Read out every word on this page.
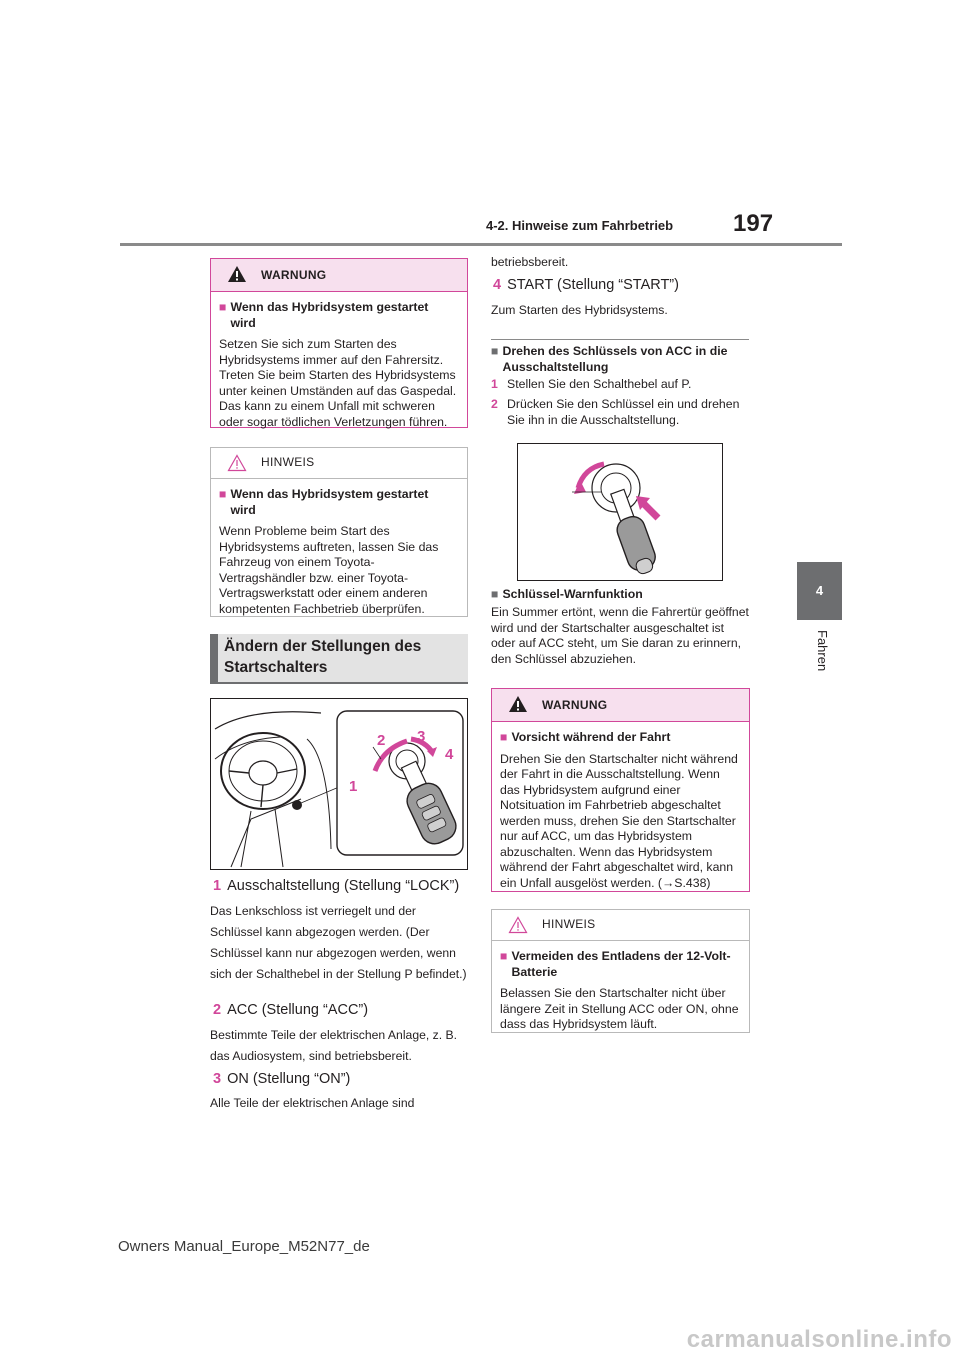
4-2. Hinweise zum Fahrbetrieb 197
4
Fahren
WARNUNG
■ Wenn das Hybridsystem gestartet wird
Setzen Sie sich zum Starten des Hybridsystems immer auf den Fahrersitz. Treten Sie beim Starten des Hybridsystems unter keinen Umständen auf das Gaspedal. Das kann zu einem Unfall mit schweren oder sogar tödlichen Verletzungen führen.
HINWEIS
■ Wenn das Hybridsystem gestartet wird
Wenn Probleme beim Start des Hybridsystems auftreten, lassen Sie das Fahrzeug von einem Toyota-Vertragshändler bzw. einer Toyota-Vertragswerkstatt oder einem anderen kompetenten Fachbetrieb überprüfen.
Ändern der Stellungen des Startschalters
1
2 3
4
1 Ausschaltstellung (Stellung “LOCK”)
Das Lenkschloss ist verriegelt und der Schlüssel kann abgezogen werden. (Der Schlüssel kann nur abgezogen werden, wenn sich der Schalthebel in der Stellung P befindet.)
2 ACC (Stellung “ACC”)
Bestimmte Teile der elektrischen Anlage, z. B. das Audiosystem, sind betriebsbereit.
3 ON (Stellung “ON”)
Alle Teile der elektrischen Anlage sind
betriebsbereit.
4 START (Stellung “START”)
Zum Starten des Hybridsystems.
■ Drehen des Schlüssels von ACC in die Ausschaltstellung
1 Stellen Sie den Schalthebel auf P.
2 Drücken Sie den Schlüssel ein und drehen Sie ihn in die Ausschaltstellung.
■ Schlüssel-Warnfunktion
Ein Summer ertönt, wenn die Fahrertür geöffnet wird und der Startschalter ausgeschaltet ist oder auf ACC steht, um Sie daran zu erinnern, den Schlüssel abzuziehen.
WARNUNG
■ Vorsicht während der Fahrt
Drehen Sie den Startschalter nicht während der Fahrt in die Ausschaltstellung. Wenn das Hybridsystem aufgrund einer Notsituation im Fahrbetrieb abgeschaltet werden muss, drehen Sie den Startschalter nur auf ACC, um das Hybridsystem abzuschalten. Wenn das Hybridsystem während der Fahrt abgeschaltet wird, kann ein Unfall ausgelöst werden. (→S.438)
HINWEIS
■ Vermeiden des Entladens der 12-Volt-Batterie
Belassen Sie den Startschalter nicht über längere Zeit in Stellung ACC oder ON, ohne dass das Hybridsystem läuft.
Owners Manual_Europe_M52N77_de
carmanualsonline.info
